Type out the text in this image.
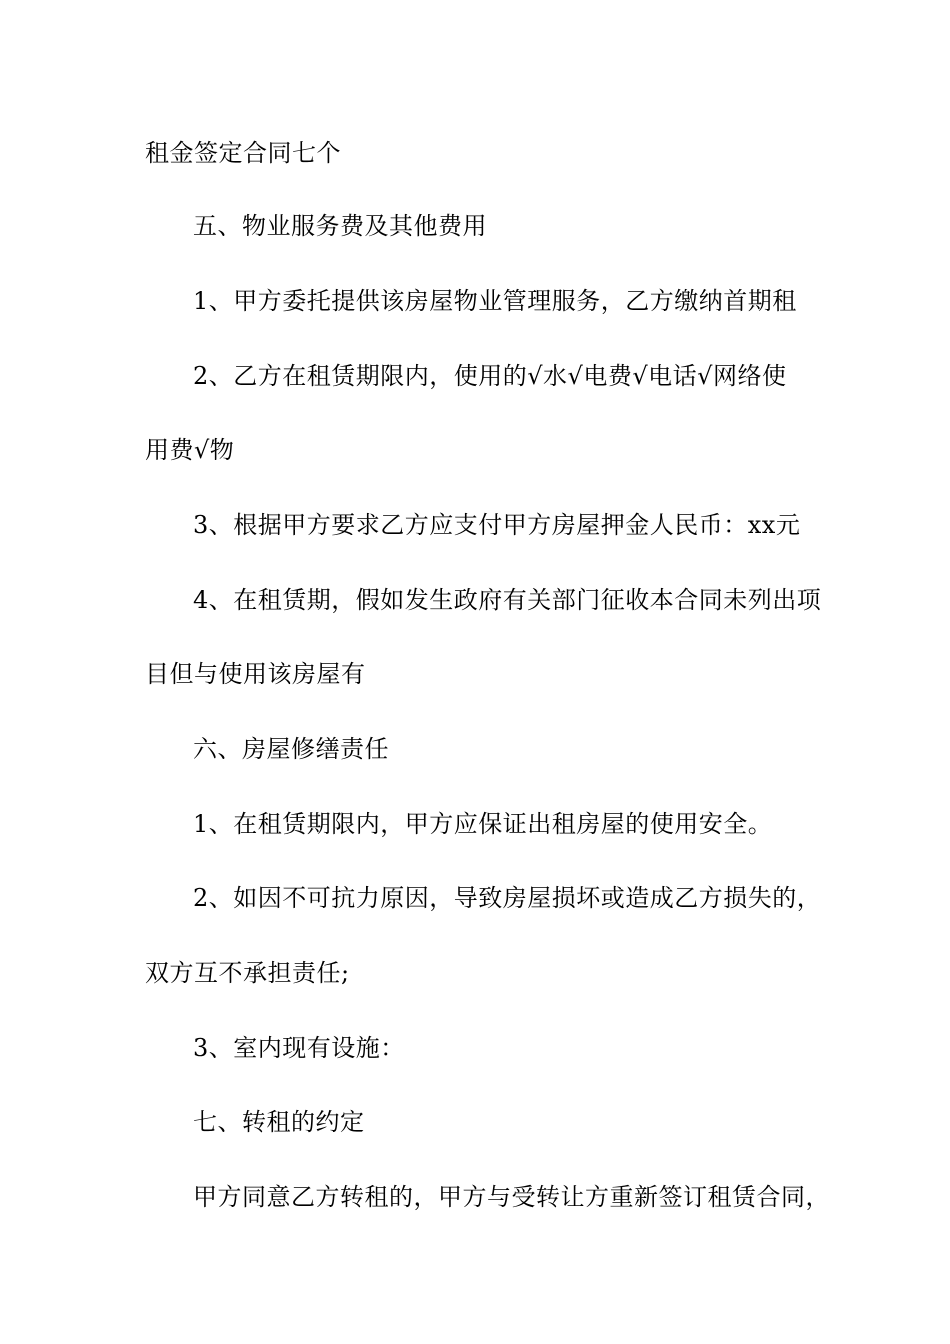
租金签定合同七个
五、物业服务费及其他费用
1、甲方委托提供该房屋物业管理服务，乙方缴纳首期租
2、乙方在租赁期限内，使用的√水√电费√电话√网络使
用费√物
3、根据甲方要求乙方应支付甲方房屋押金人民币：xx元
4、在租赁期，假如发生政府有关部门征收本合同未列出项
目但与使用该房屋有
六、房屋修缮责任
1、在租赁期限内，甲方应保证出租房屋的使用安全。
2、如因不可抗力原因，导致房屋损坏或造成乙方损失的，
双方互不承担责任;
3、室内现有设施：
七、转租的约定
甲方同意乙方转租的，甲方与受转让方重新签订租赁合同，
